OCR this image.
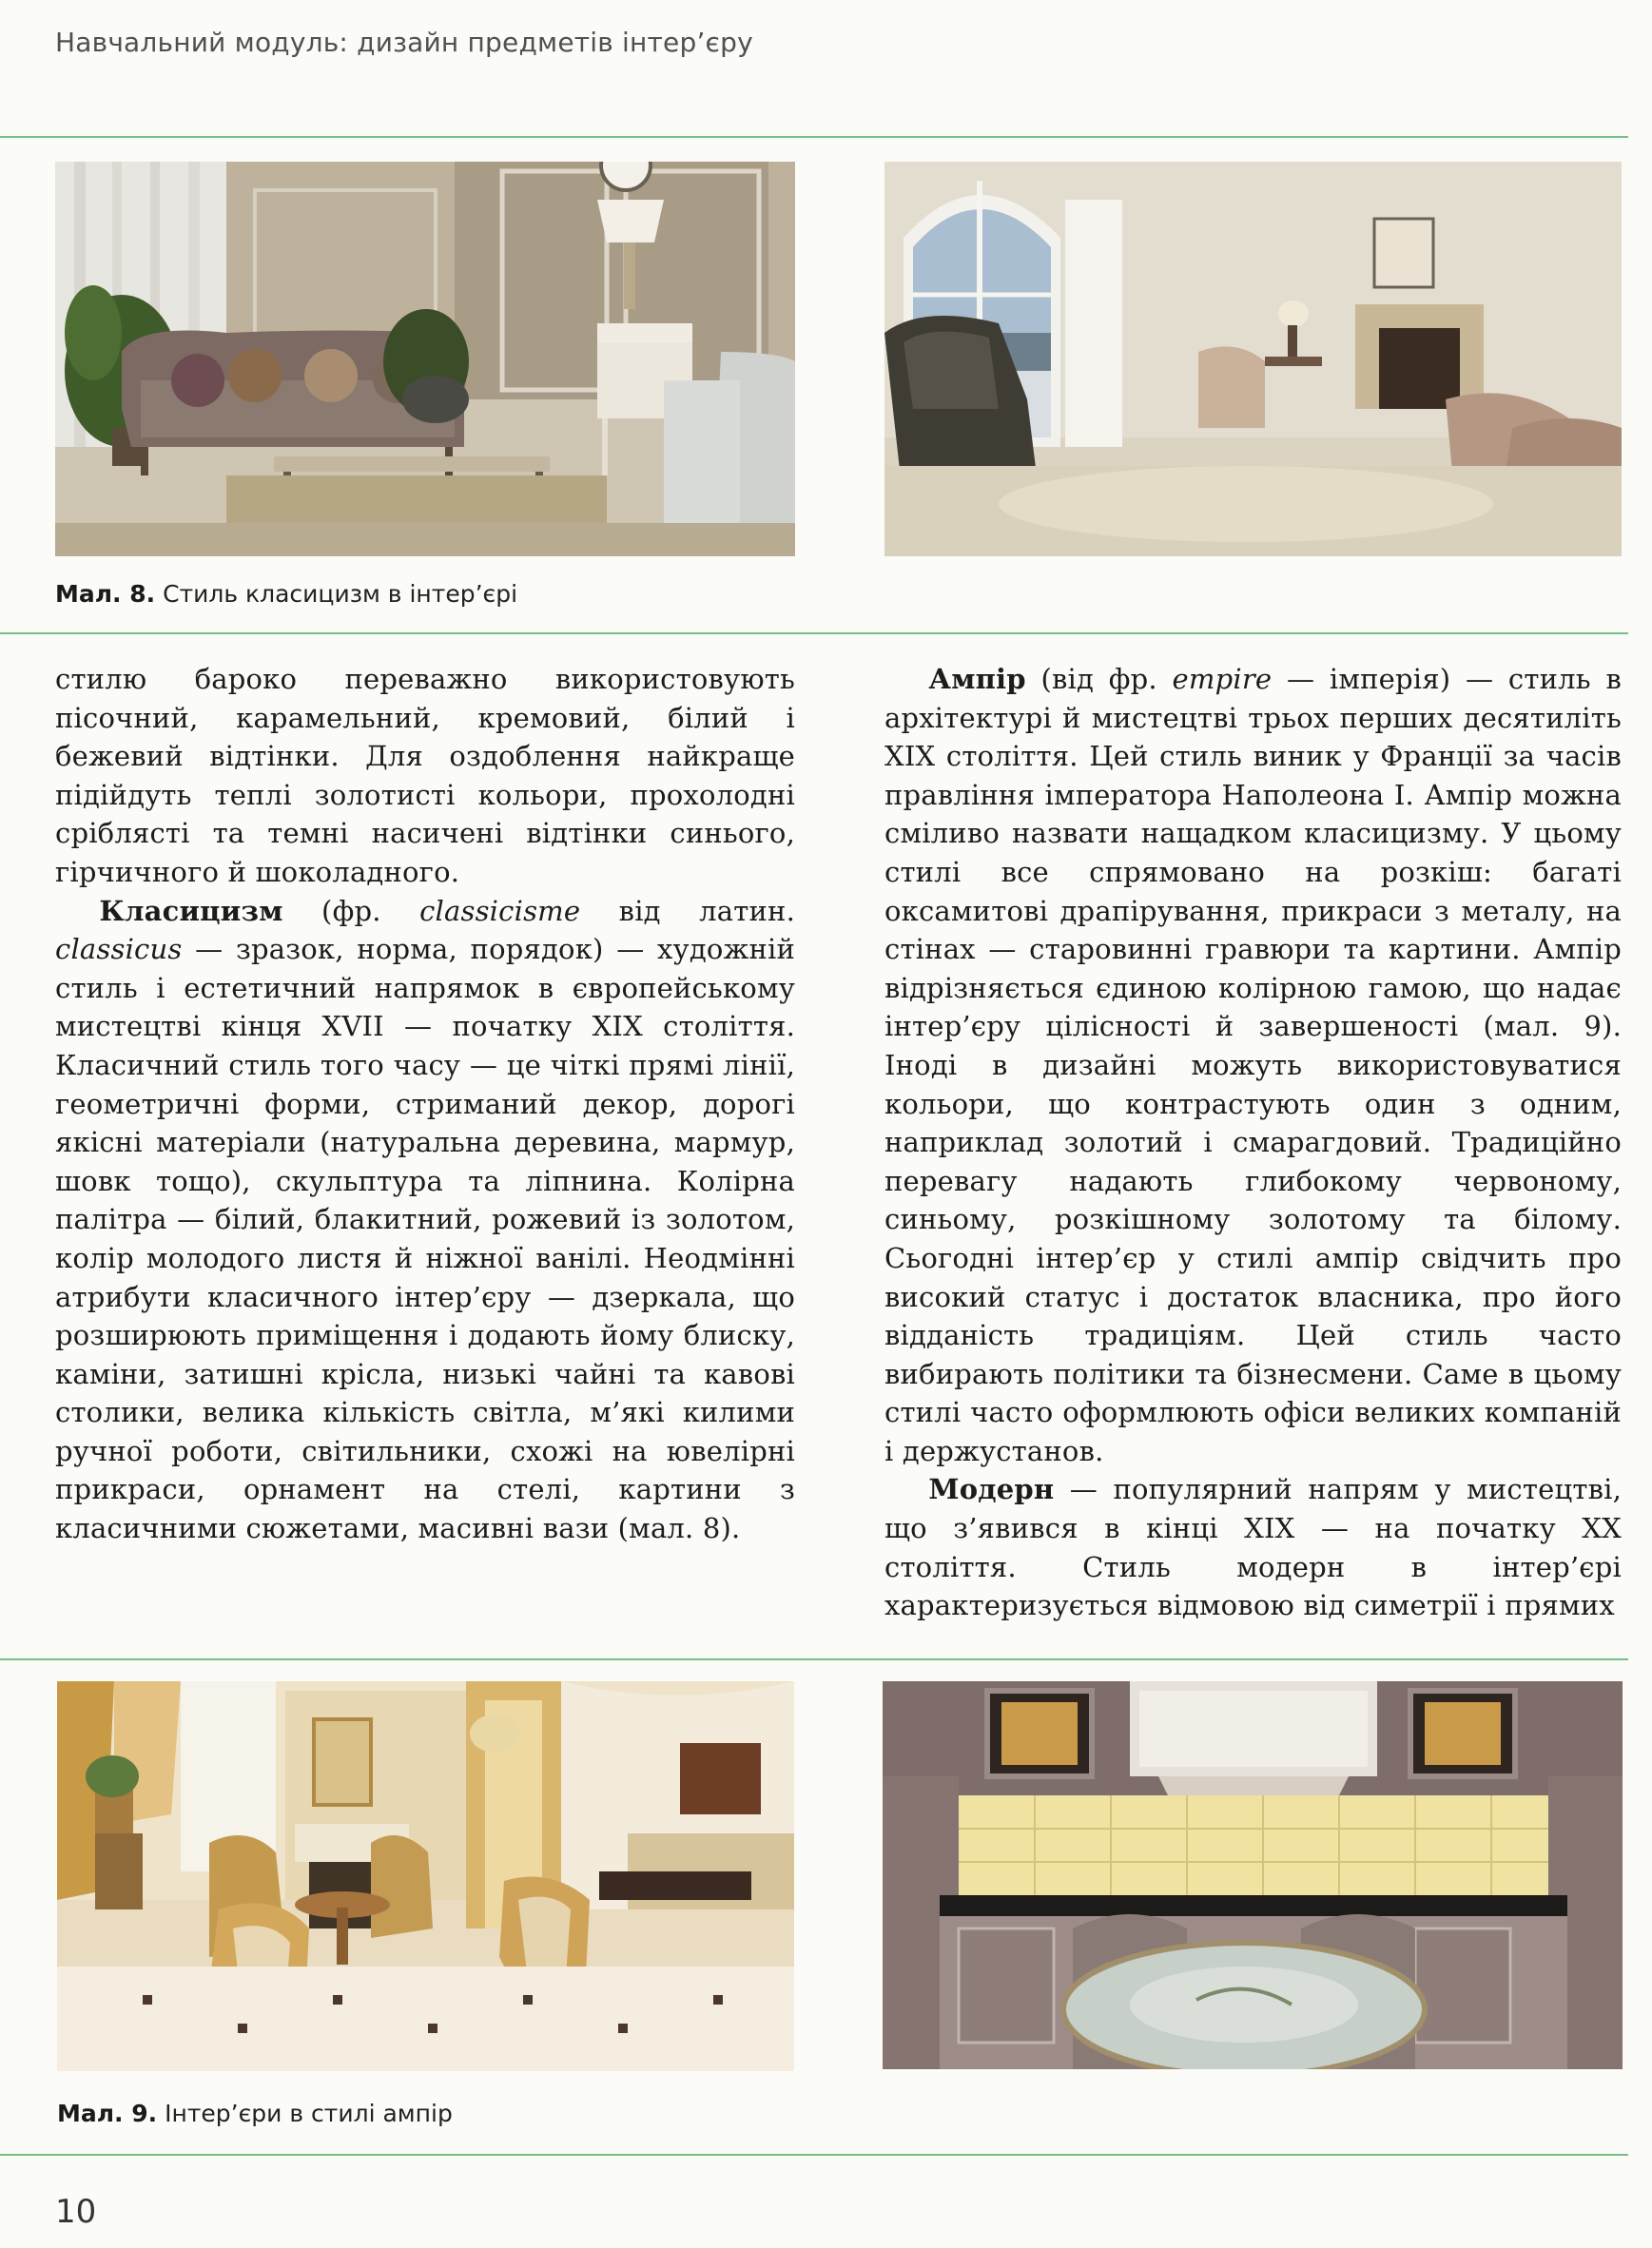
Навчальний модуль: дизайн предметів інтер’єру
Мал. 8. Стиль класицизм в інтер’єрі

стилю бароко переважно використовують пісочний, карамельний, кремовий, білий і бежевий відтінки. Для оздоблення найкраще підійдуть теплі золотисті кольори, прохолодні сріблясті та темні насичені відтінки синього, гірчичного й шоколадного.

Класицизм (фр. classicisme від латин. classicus — зразок, норма, порядок) — художній стиль і естетичний напрямок в європейському мистецтві кінця XVII — початку XIX століття. Класичний стиль того часу — це чіткі прямі лінії, геометричні форми, стриманий декор, дорогі якісні матеріали (натуральна деревина, мармур, шовк тощо), скульптура та ліпнина. Колірна палітра — білий, блакитний, рожевий із золотом, колір молодого листя й ніжної ванілі. Неодмінні атрибути класичного інтер’єру — дзеркала, що розширюють приміщення і додають йому блиску, каміни, затишні крісла, низькі чайні та кавові столики, велика кількість світла, м’які килими ручної роботи, світильники, схожі на ювелірні прикраси, орнамент на стелі, картини з класичними сюжетами, масивні вази (мал. 8).

Ампір (від фр. empire — імперія) — стиль в архітектурі й мистецтві трьох перших десятиліть XIX століття. Цей стиль виник у Франції за часів правління імператора Наполеона I. Ампір можна сміливо назвати нащадком класицизму. У цьому стилі все спрямовано на розкіш: багаті оксамитові драпірування, прикраси з металу, на стінах — старовинні гравюри та картини. Ампір відрізняється єдиною колірною гамою, що надає інтер’єру цілісності й завершеності (мал. 9). Іноді в дизайні можуть використовуватися кольори, що контрастують один з одним, наприклад золотий і смарагдовий. Традиційно перевагу надають глибокому червоному, синьому, розкішному золотому та білому. Сьогодні інтер’єр у стилі ампір свідчить про високий статус і достаток власника, про його відданість традиціям. Цей стиль часто вибирають політики та бізнесмени. Саме в цьому стилі часто оформлюють офіси великих компаній і держустанов.

Модерн — популярний напрям у мистецтві, що з’явився в кінці XIX — на початку XX століття. Стиль модерн в інтер’єрі характеризується відмовою від симетрії і прямих

Мал. 9. Інтер’єри в стилі ампір
10
